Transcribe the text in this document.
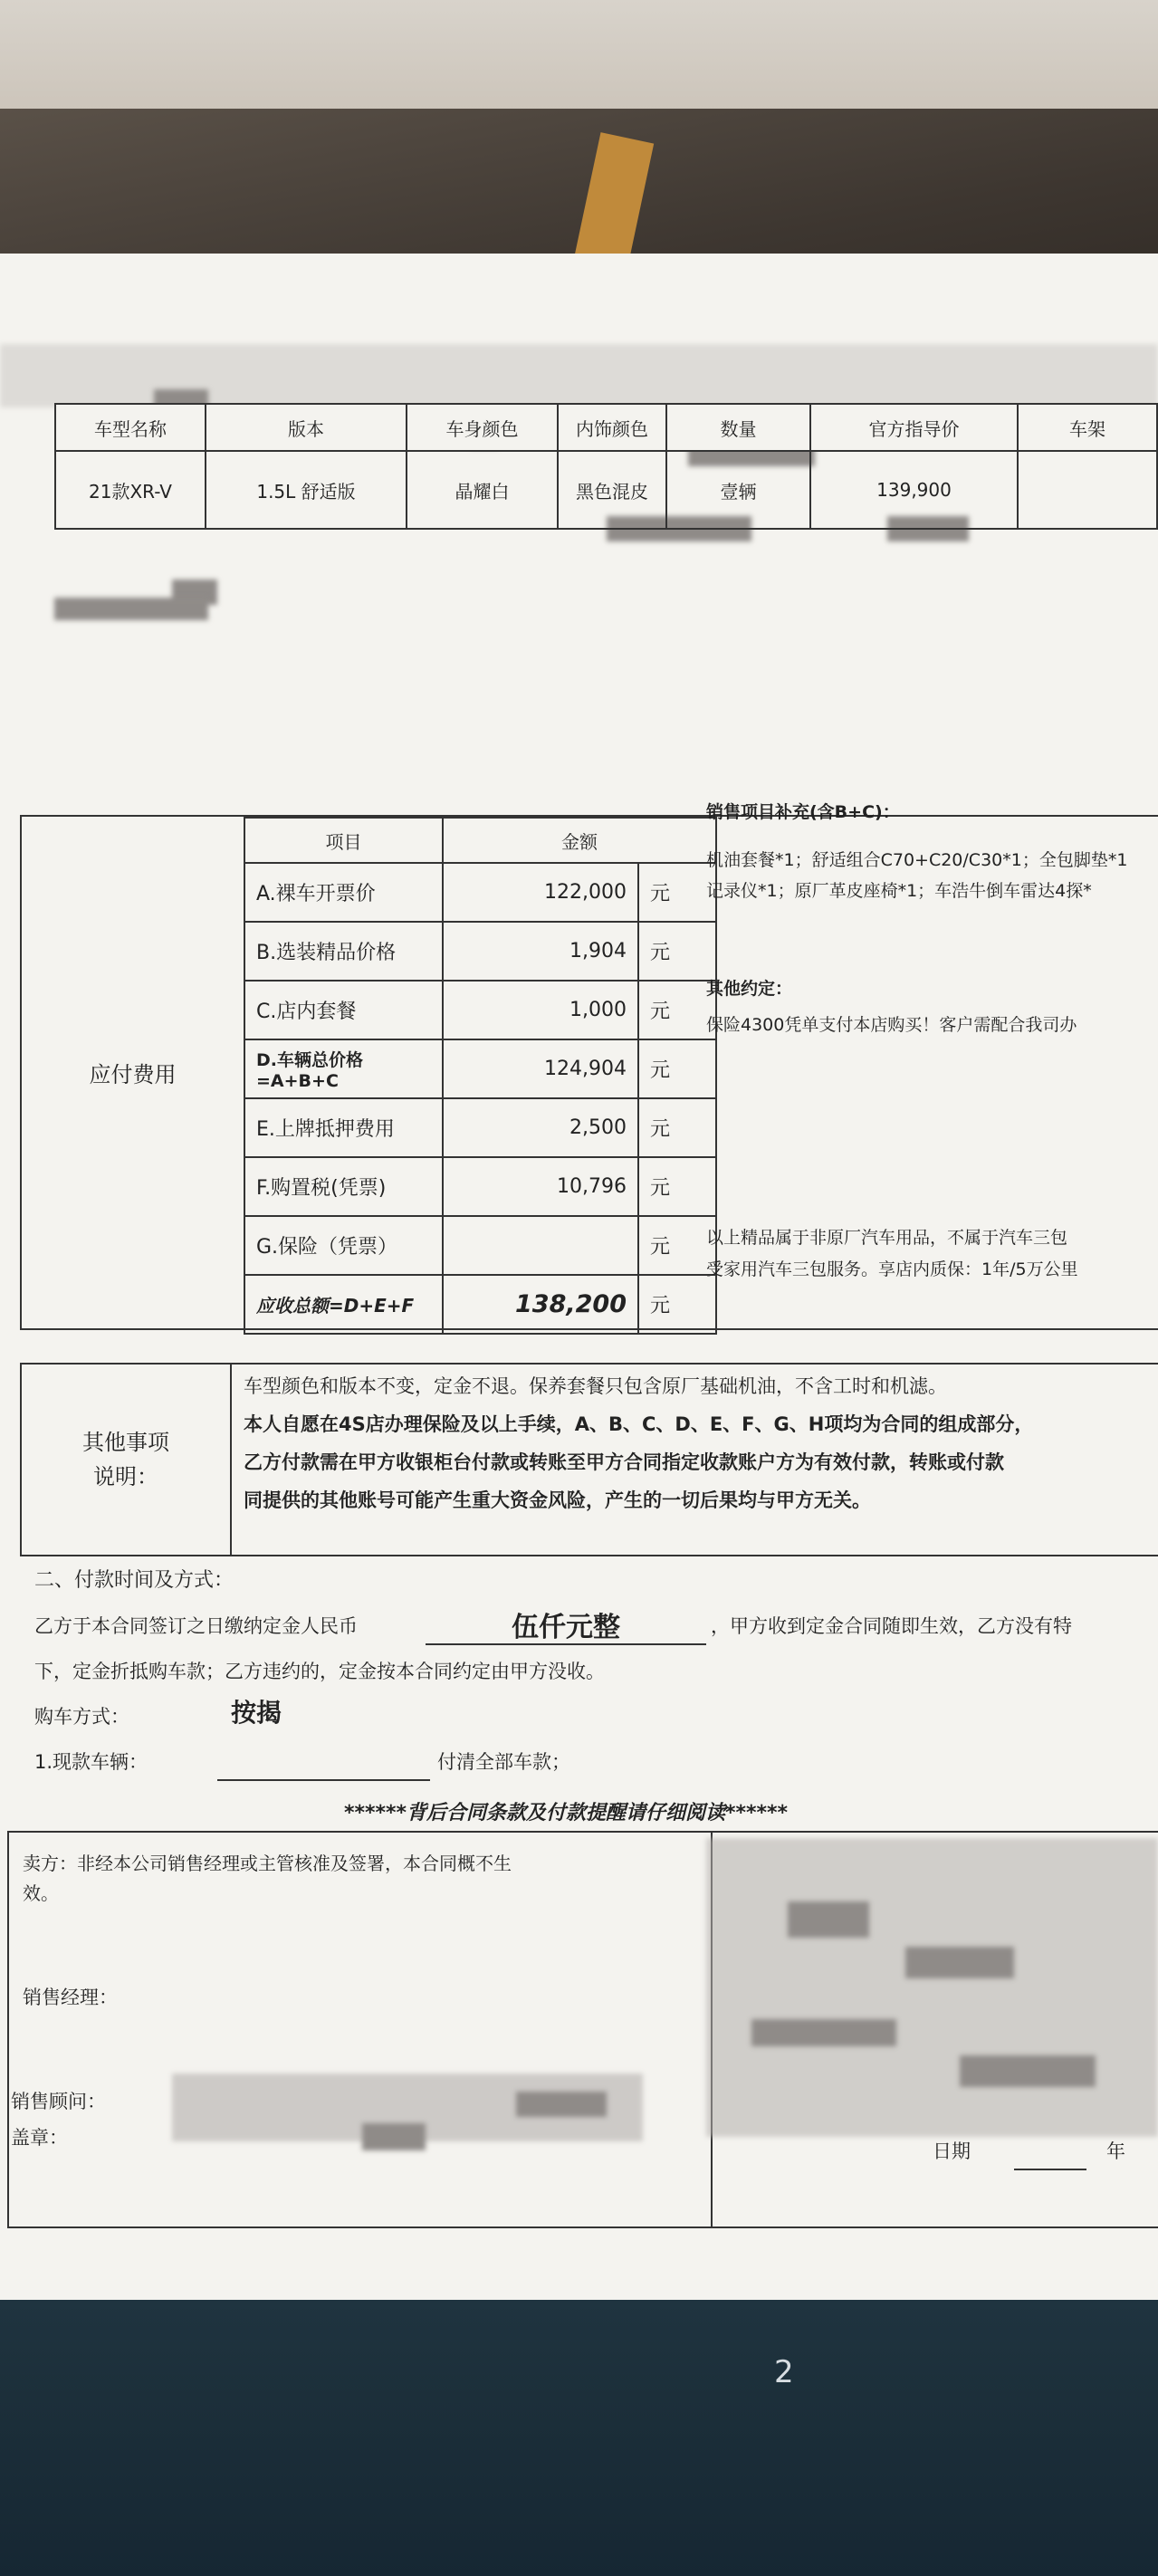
2
车型名称	版本	车身颜色	内饰颜色	数量	官方指导价	车架
21款XR-V	1.5L 舒适版	晶耀白	黑色混皮	壹辆	139,900	
应付费用
项目	金额	
A.裸车开票价	122,000	元
B.选装精品价格	1,904	元
C.店内套餐	1,000	元
D.车辆总价格=A+B+C	124,904	元
E.上牌抵押费用	2,500	元
F.购置税(凭票)	10,796	元
G.保险（凭票）		元
应收总额=D+E+F	138,200	元
销售项目补充(含B+C)：
机油套餐*1；舒适组合C70+C20/C30*1；全包脚垫*1
记录仪*1；原厂革皮座椅*1；车浩牛倒车雷达4探*
其他约定：
保险4300凭单支付本店购买！客户需配合我司办
以上精品属于非原厂汽车用品，不属于汽车三包
受家用汽车三包服务。享店内质保：1年/5万公里
其他事项
说明：
车型颜色和版本不变，定金不退。保养套餐只包含原厂基础机油，不含工时和机滤。
本人自愿在4S店办理保险及以上手续，A、B、C、D、E、F、G、H项均为合同的组成部分，
乙方付款需在甲方收银柜台付款或转账至甲方合同指定收款账户方为有效付款，转账或付款
同提供的其他账号可能产生重大资金风险，产生的一切后果均与甲方无关。
二、付款时间及方式：
乙方于本合同签订之日缴纳定金人民币	伍仟元整	，甲方收到定金合同随即生效，乙方没有特
下，定金折抵购车款；乙方违约的，定金按本合同约定由甲方没收。
购车方式：	按揭
1.现款车辆：	付清全部车款；
******背后合同条款及付款提醒请仔细阅读******
卖方：非经本公司销售经理或主管核准及签署，本合同概不生
效。
销售经理：
销售顾问：
盖章：
日期	年
